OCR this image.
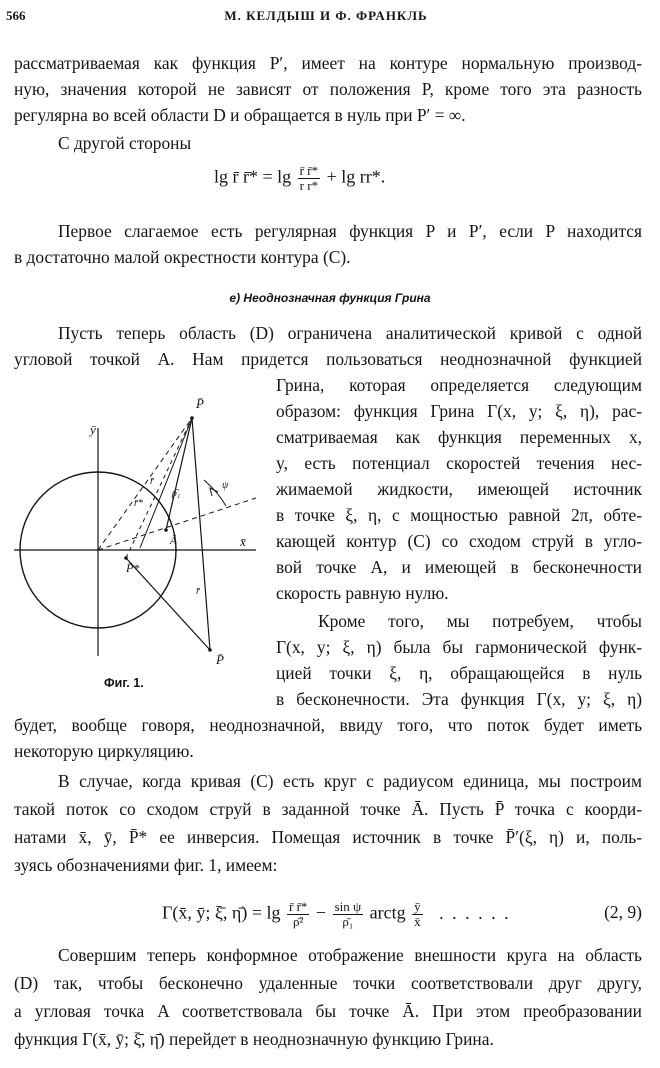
566	М. КЕЛДЫШ И Ф. ФРАНКЛЬ
рассматриваемая как функция P′, имеет на контуре нормальную производ-
ную, значения которой не зависят от положения P, кроме того эта разность
регулярна во всей области D и обращается в нуль при P′ = ∞.
С другой стороны
lg r̄ r̄* = $\lg \frac{r̄ r̄*}{\text{r r*}} + \lg rr*$.
Первое слагаемое есть регулярная функция P и P′, если P находится
в достаточно малой окрестности контура (C).
e) Неоднозначная функция Грина
Пусть теперь область (D) ограничена аналитической кривой с одной
угловой точкой A. Нам придется пользоваться неоднозначной функцией
Грина, которая определяется следующим
образом: функция Грина Γ(x, y; ξ, η), рас-
сматриваемая как функция переменных x,
y, есть потенциал скоростей течения нес-
жимаемой жидкости, имеющей источник
в точке ξ, η, с мощностью равной 2π, обте-
кающей контур (C) со сходом струй в угло-
вой точке A, и имеющей в бесконечности
скорость равную нулю.
Кроме того, мы потребуем, чтобы
Γ(x, y; ξ, η) была бы гармонической функ-
цией точки ξ, η, обращающейся в нуль
в бесконечности. Эта функция Γ(x, y; ξ, η)
будет, вообще говоря, неоднозначной, ввиду того, что поток будет иметь
некоторую циркуляцию.
В случае, когда кривая (C) есть круг с радиусом единица, мы построим
такой поток со сходом струй в заданной точке Ā. Пусть P̄ точка с коорди-
натами x̄, ȳ, P̄* ее инверсия. Помещая источник в точке P̄′(ξ, η) и, поль-
зуясь обозначениями фиг. 1, имеем:
Γ(x̄, ȳ; ξ̄, η̄) = $\lg \frac{r̄ r̄*}{\text{ρ̄²}} - \frac{\text{sin ψ}}{\text{ρ̄₁}}$ arctg $\frac{ȳ}{x̄}$ . . . . . .	(2, 9)
Совершим теперь конформное отображение внешности круга на область
(D) так, чтобы бесконечно удаленные точки соответствовали друг другу,
а угловая точка A соответствовала бы точке Ā. При этом преобразовании
функция Γ(x̄, ȳ; ξ̄, η̄) перейдет в неоднозначную функцию Грина.
ȳ
x̄
P̄
P̄
P̄*
Ā
r̄*
r̄
ρ̄₁
ψ
r̄
Фиг. 1.
